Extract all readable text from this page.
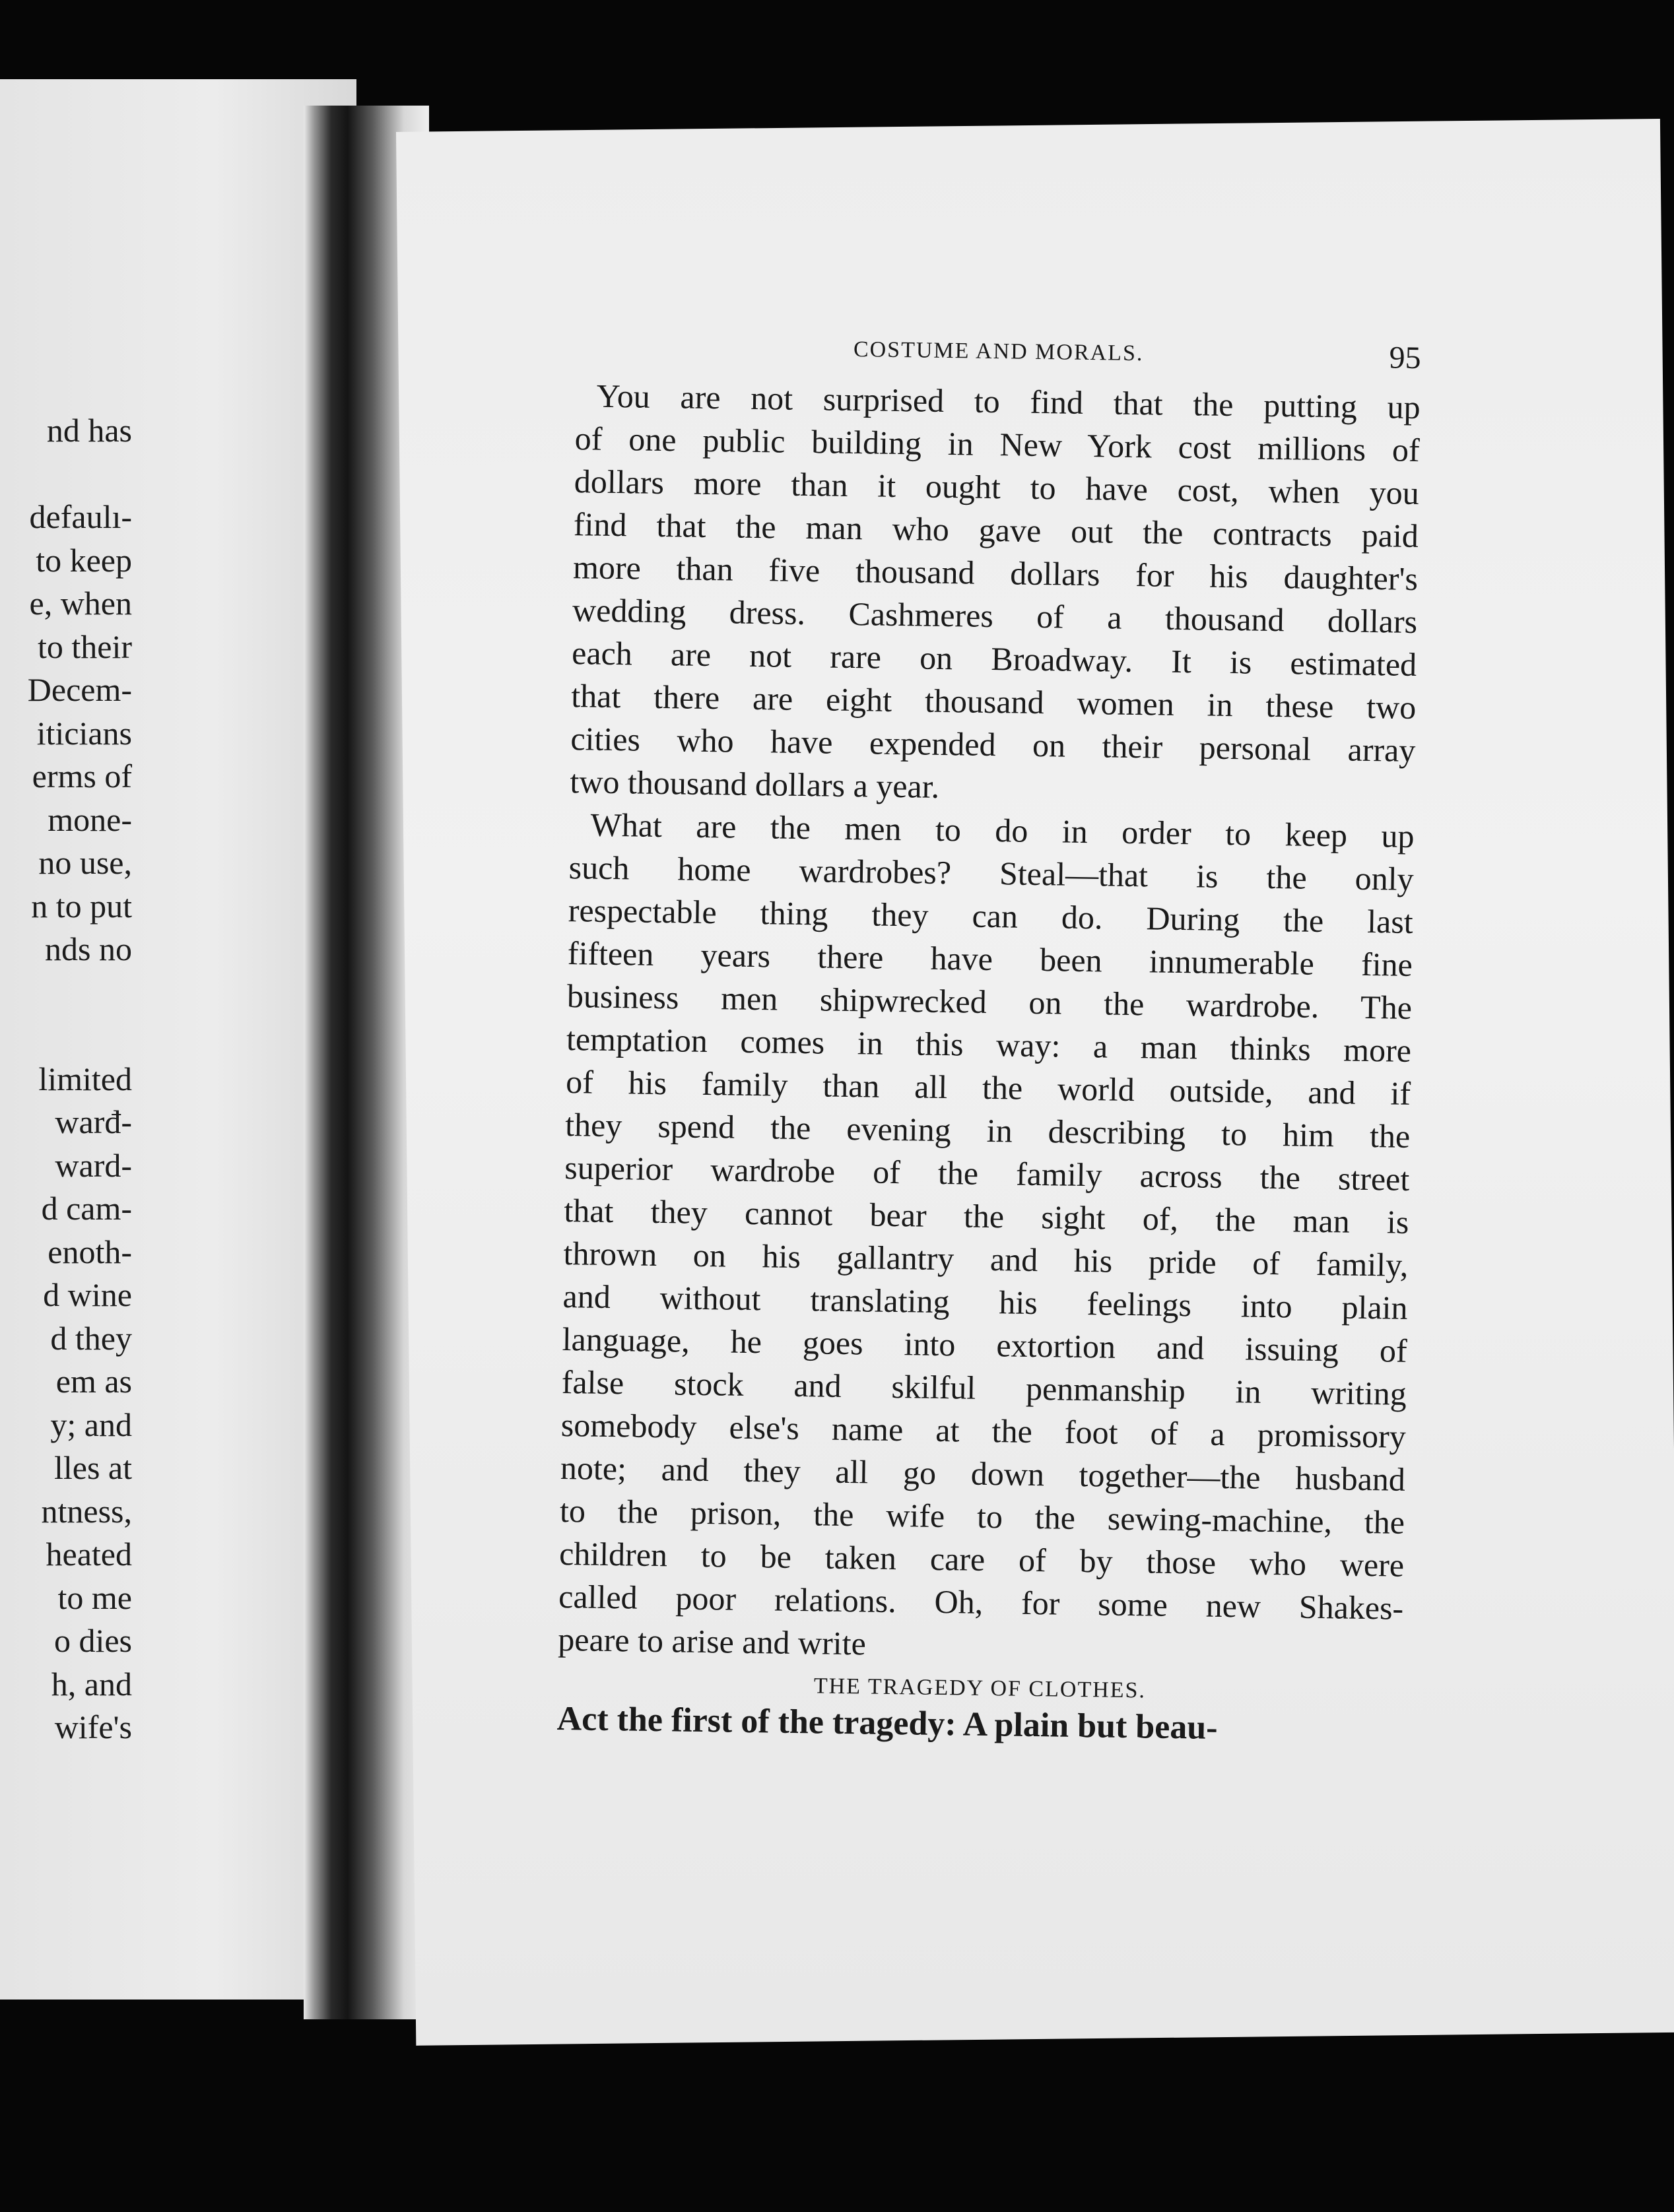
nd has
defaulı-
to keep
e, when
to their
Decem-
iticians
erms of
mone-
no use,
n to put
nds no
limited
warđ-
ward-
d cam-
enoth-
d wine
d they
em as
y; and
lles at
ntness,
heated
to me
o dies
h, and
wife's
COSTUME AND MORALS.	95

You are not surprised to find that the putting up
of one public building in New York cost millions of
dollars more than it ought to have cost, when you
find that the man who gave out the contracts paid
more than five thousand dollars for his daughter's
wedding dress. Cashmeres of a thousand dollars
each are not rare on Broadway. It is estimated
that there are eight thousand women in these two
cities who have expended on their personal array
two thousand dollars a year.

What are the men to do in order to keep up
such home wardrobes? Steal—that is the only
respectable thing they can do. During the last
fifteen years there have been innumerable fine
business men shipwrecked on the wardrobe. The
temptation comes in this way: a man thinks more
of his family than all the world outside, and if
they spend the evening in describing to him the
superior wardrobe of the family across the street
that they cannot bear the sight of, the man is
thrown on his gallantry and his pride of family,
and without translating his feelings into plain
language, he goes into extortion and issuing of
false stock and skilful penmanship in writing
somebody else's name at the foot of a promissory
note; and they all go down together—the husband
to the prison, the wife to the sewing-machine, the
children to be taken care of by those who were
called poor relations. Oh, for some new Shakes-
peare to arise and write

THE TRAGEDY OF CLOTHES.
Act the first of the tragedy: A plain but beau-
